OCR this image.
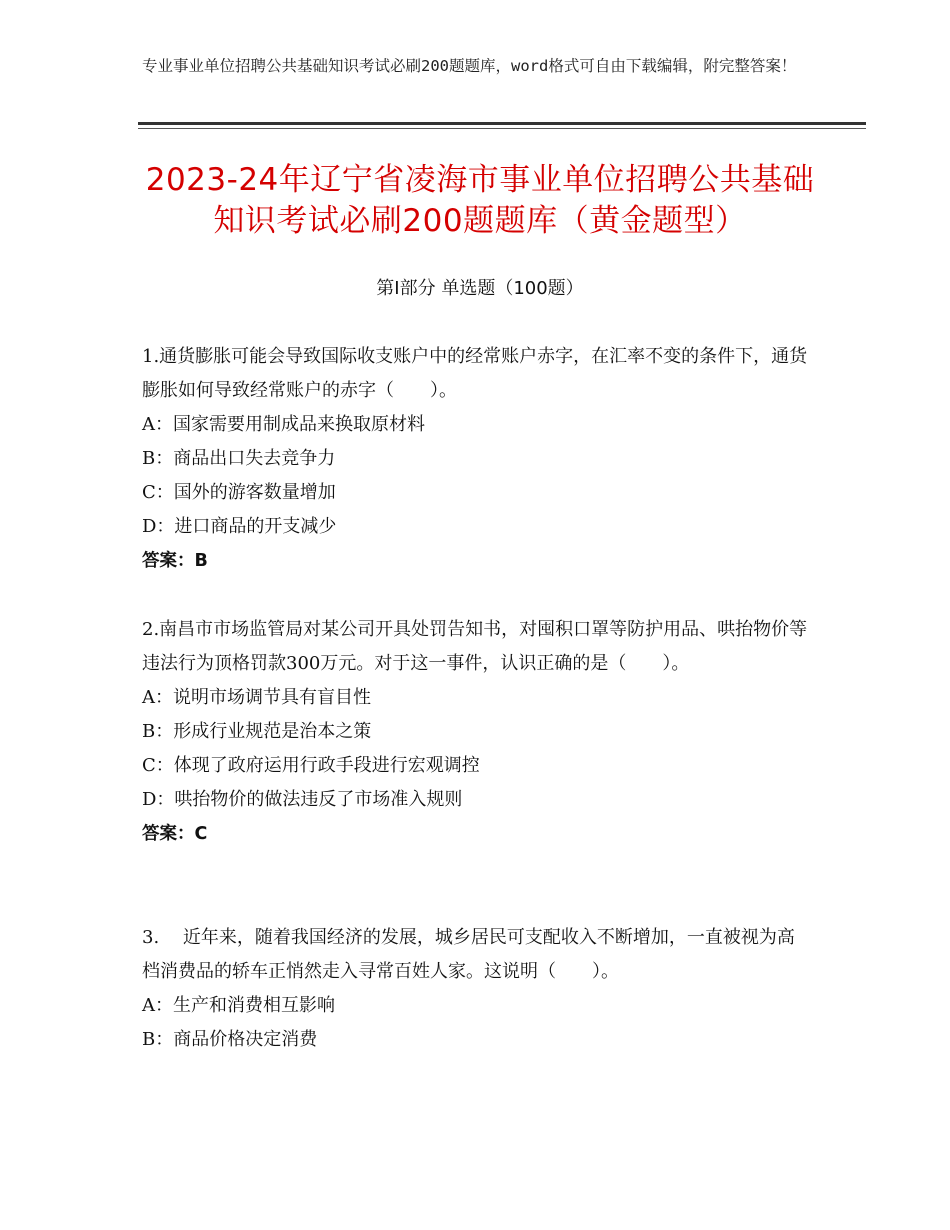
专业事业单位招聘公共基础知识考试必刷200题题库，word格式可自由下载编辑，附完整答案！
2023-24年辽宁省凌海市事业单位招聘公共基础知识考试必刷200题题库（黄金题型）
第Ⅰ部分 单选题（100题）
1.通货膨胀可能会导致国际收支账户中的经常账户赤字，在汇率不变的条件下，通货膨胀如何导致经常账户的赤字（　　）。
A：国家需要用制成品来换取原材料
B：商品出口失去竞争力
C：国外的游客数量增加
D：进口商品的开支减少
答案：B
2.南昌市市场监管局对某公司开具处罚告知书，对囤积口罩等防护用品、哄抬物价等违法行为顶格罚款300万元。对于这一事件，认识正确的是（　　）。
A：说明市场调节具有盲目性
B：形成行业规范是治本之策
C：体现了政府运用行政手段进行宏观调控
D：哄抬物价的做法违反了市场准入规则
答案：C
3.　 近年来，随着我国经济的发展，城乡居民可支配收入不断增加，一直被视为高档消费品的轿车正悄然走入寻常百姓人家。这说明（　　）。
A：生产和消费相互影响
B：商品价格决定消费
